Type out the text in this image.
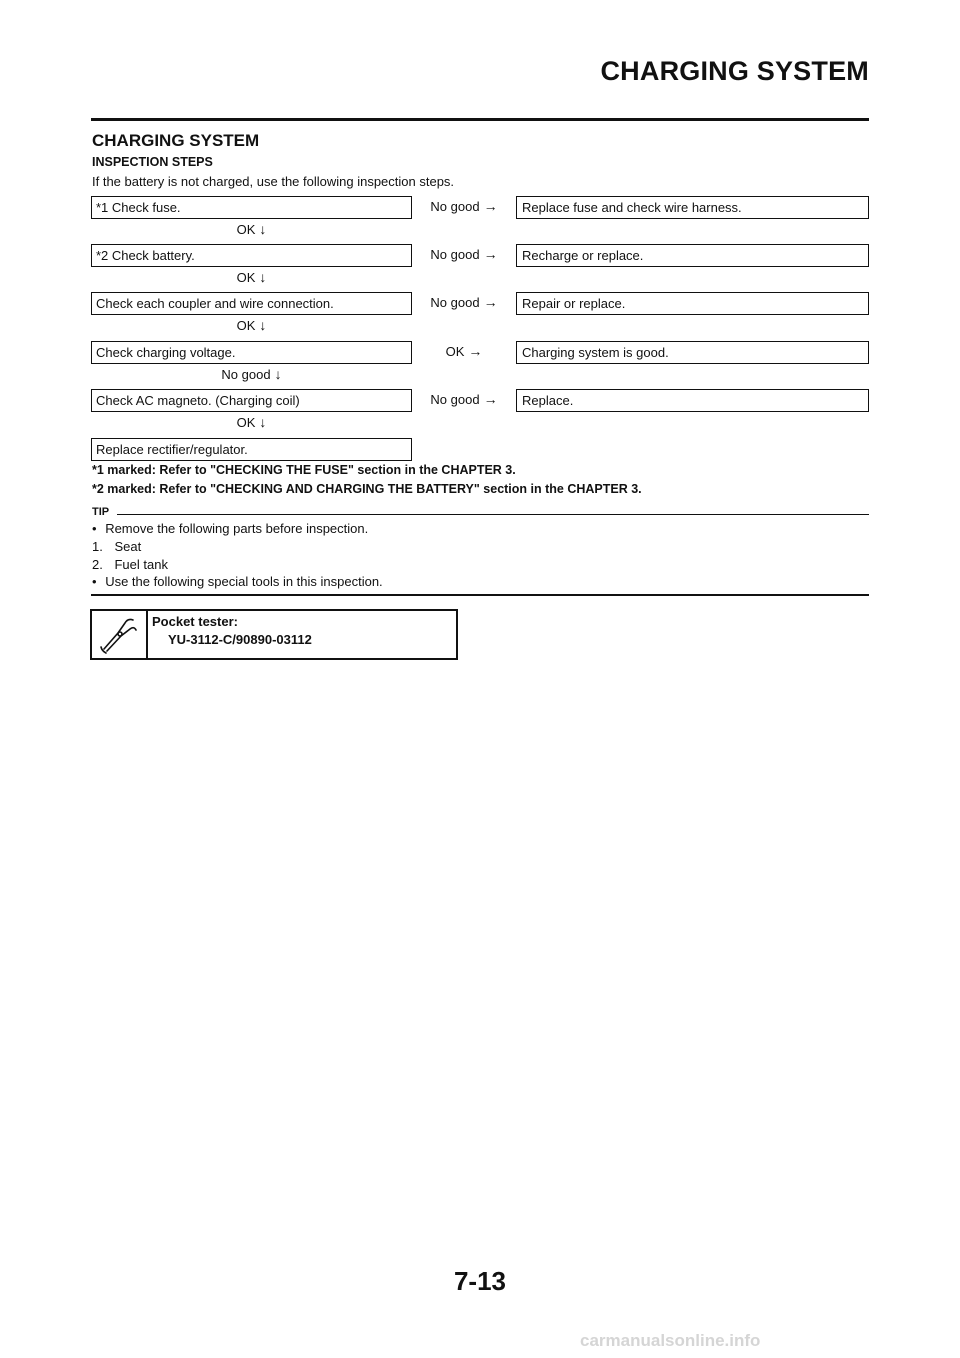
CHARGING SYSTEM
CHARGING SYSTEM
INSPECTION STEPS
If the battery is not charged, use the following inspection steps.
*1 Check fuse.	No good →	Replace fuse and check wire harness.
OK ↓
*2 Check battery.	No good →	Recharge or replace.
OK ↓
Check each coupler and wire connection.	No good →	Repair or replace.
OK ↓
Check charging voltage.	OK →	Charging system is good.
No good ↓
Check AC magneto. (Charging coil)	No good →	Replace.
OK ↓
Replace rectifier/regulator.
*1 marked: Refer to "CHECKING THE FUSE" section in the CHAPTER 3.
*2 marked: Refer to "CHECKING AND CHARGING THE BATTERY" section in the CHAPTER 3.
TIP
• Remove the following parts before inspection.
1. Seat
2. Fuel tank
• Use the following special tools in this inspection.
Pocket tester:
YU-3112-C/90890-03112
7-13
carmanualsonline.info
